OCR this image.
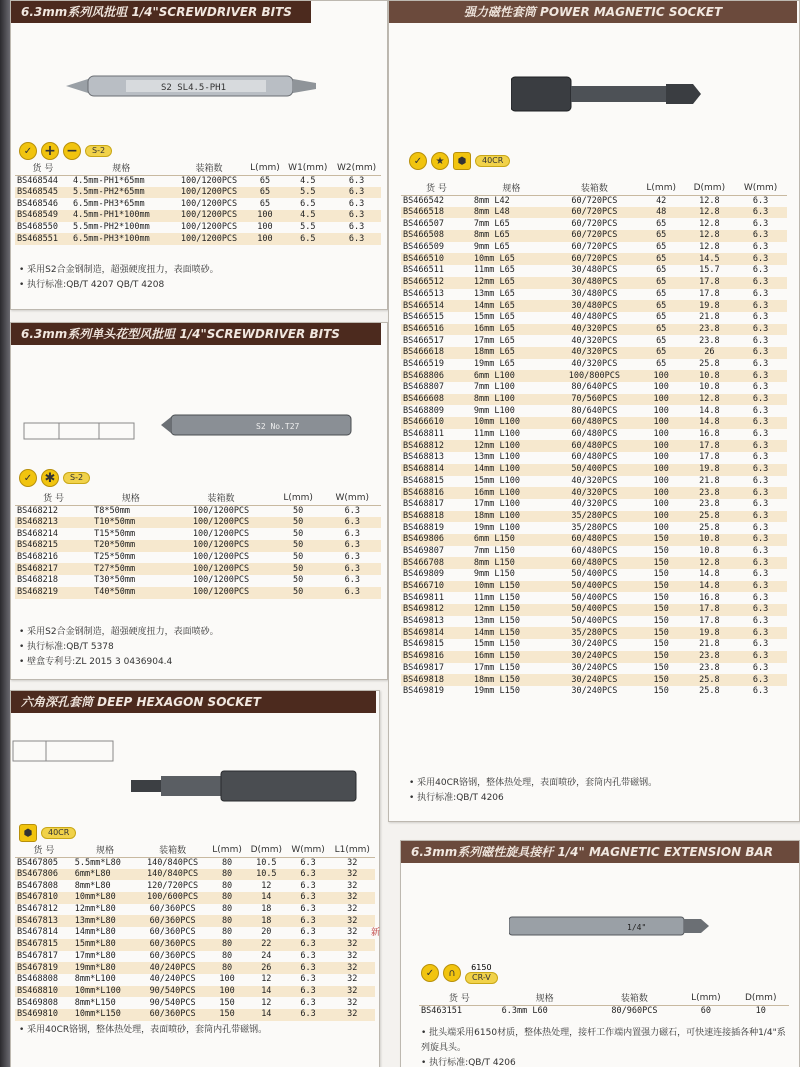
6.3mm系列风批咀 1/4"SCREWDRIVER BITS
S2 SL4.5-PH1
✓ + −	S-2
货 号	规格	装箱数	L(mm)	W1(mm)	W2(mm)
BS468544	4.5mm-PH1*65mm	100/1200PCS	65	4.5	6.3
BS468545	5.5mm-PH2*65mm	100/1200PCS	65	5.5	6.3
BS468546	6.5mm-PH3*65mm	100/1200PCS	65	6.5	6.3
BS468549	4.5mm-PH1*100mm	100/1200PCS	100	4.5	6.3
BS468550	5.5mm-PH2*100mm	100/1200PCS	100	5.5	6.3
BS468551	6.5mm-PH3*100mm	100/1200PCS	100	6.5	6.3
• 采用S2合金钢制造，超强硬度扭力，表面喷砂。
• 执行标准:QB/T 4207 QB/T 4208
6.3mm系列单头花型风批咀 1/4"SCREWDRIVER BITS
S2 No.T27
✓ ✱	S-2
货 号	规格	装箱数	L(mm)	W(mm)
BS468212	T8*50mm	100/1200PCS	50	6.3
BS468213	T10*50mm	100/1200PCS	50	6.3
BS468214	T15*50mm	100/1200PCS	50	6.3
BS468215	T20*50mm	100/1200PCS	50	6.3
BS468216	T25*50mm	100/1200PCS	50	6.3
BS468217	T27*50mm	100/1200PCS	50	6.3
BS468218	T30*50mm	100/1200PCS	50	6.3
BS468219	T40*50mm	100/1200PCS	50	6.3
• 采用S2合金钢制造，超强硬度扭力，表面喷砂。
• 执行标准:QB/T 5378
• 壁盒专利号:ZL 2015 3 0436904.4
六角深孔套筒 DEEP HEXAGON SOCKET
⬢	40CR
货 号	规格	装箱数	L(mm)	D(mm)	W(mm)	L1(mm)
BS467805	5.5mm*L80	140/840PCS	80	10.5	6.3	32
BS467806	6mm*L80	140/840PCS	80	10.5	6.3	32
BS467808	8mm*L80	120/720PCS	80	12	6.3	32
BS467810	10mm*L80	100/600PCS	80	14	6.3	32
BS467812	12mm*L80	60/360PCS	80	18	6.3	32
BS467813	13mm*L80	60/360PCS	80	18	6.3	32
BS467814	14mm*L80	60/360PCS	80	20	6.3	32
BS467815	15mm*L80	60/360PCS	80	22	6.3	32
BS467817	17mm*L80	60/360PCS	80	24	6.3	32
BS467819	19mm*L80	40/240PCS	80	26	6.3	32
BS468808	8mm*L100	40/240PCS	100	12	6.3	32
BS468810	10mm*L100	90/540PCS	100	14	6.3	32
BS469808	8mm*L150	90/540PCS	150	12	6.3	32
BS469810	10mm*L150	60/360PCS	150	14	6.3	32
• 采用40CR铬钢，整体热处理，表面喷砂，套筒内孔带磁钢。
新
强力磁性套筒 POWER MAGNETIC SOCKET
✓	★	⬢	40CR
货 号	规格	装箱数	L(mm)	D(mm)	W(mm)
BS466542	8mm L42	60/720PCS	42	12.8	6.3
BS466518	8mm L48	60/720PCS	48	12.8	6.3
BS466507	7mm L65	60/720PCS	65	12.8	6.3
BS466508	8mm L65	60/720PCS	65	12.8	6.3
BS466509	9mm L65	60/720PCS	65	12.8	6.3
BS466510	10mm L65	60/720PCS	65	14.5	6.3
BS466511	11mm L65	30/480PCS	65	15.7	6.3
BS466512	12mm L65	30/480PCS	65	17.8	6.3
BS466513	13mm L65	30/480PCS	65	17.8	6.3
BS466514	14mm L65	30/480PCS	65	19.8	6.3
BS466515	15mm L65	40/480PCS	65	21.8	6.3
BS466516	16mm L65	40/320PCS	65	23.8	6.3
BS466517	17mm L65	40/320PCS	65	23.8	6.3
BS466618	18mm L65	40/320PCS	65	26	6.3
BS466519	19mm L65	40/320PCS	65	25.8	6.3
BS468806	6mm L100	100/800PCS	100	10.8	6.3
BS468807	7mm L100	80/640PCS	100	10.8	6.3
BS466608	8mm L100	70/560PCS	100	12.8	6.3
BS468809	9mm L100	80/640PCS	100	14.8	6.3
BS466610	10mm L100	60/480PCS	100	14.8	6.3
BS468811	11mm L100	60/480PCS	100	16.8	6.3
BS468812	12mm L100	60/480PCS	100	17.8	6.3
BS468813	13mm L100	60/480PCS	100	17.8	6.3
BS468814	14mm L100	50/400PCS	100	19.8	6.3
BS468815	15mm L100	40/320PCS	100	21.8	6.3
BS468816	16mm L100	40/320PCS	100	23.8	6.3
BS468817	17mm L100	40/320PCS	100	23.8	6.3
BS468818	18mm L100	35/280PCS	100	25.8	6.3
BS468819	19mm L100	35/280PCS	100	25.8	6.3
BS469806	6mm L150	60/480PCS	150	10.8	6.3
BS469807	7mm L150	60/480PCS	150	10.8	6.3
BS466708	8mm L150	60/480PCS	150	12.8	6.3
BS469809	9mm L150	50/400PCS	150	14.8	6.3
BS466710	10mm L150	50/400PCS	150	14.8	6.3
BS469811	11mm L150	50/400PCS	150	16.8	6.3
BS469812	12mm L150	50/400PCS	150	17.8	6.3
BS469813	13mm L150	50/400PCS	150	17.8	6.3
BS469814	14mm L150	35/280PCS	150	19.8	6.3
BS469815	15mm L150	30/240PCS	150	21.8	6.3
BS469816	16mm L150	30/240PCS	150	23.8	6.3
BS469817	17mm L150	30/240PCS	150	23.8	6.3
BS469818	18mm L150	30/240PCS	150	25.8	6.3
BS469819	19mm L150	30/240PCS	150	25.8	6.3
• 采用40CR铬钢，整体热处理，表面喷砂，套筒内孔带磁钢。
• 执行标准:QB/T 4206
6.3mm系列磁性旋具接杆 1/4" MAGNETIC EXTENSION BAR
1/4"
✓	∩
6150
CR-V
货 号	规格	装箱数	L(mm)	D(mm)
BS463151	6.3mm L60	80/960PCS	60	10
• 批头端采用6150材质，整体热处理，接杆工作端内置强力磁石，可快速连接插各种1/4"系列旋具头。
• 执行标准:QB/T 4206
